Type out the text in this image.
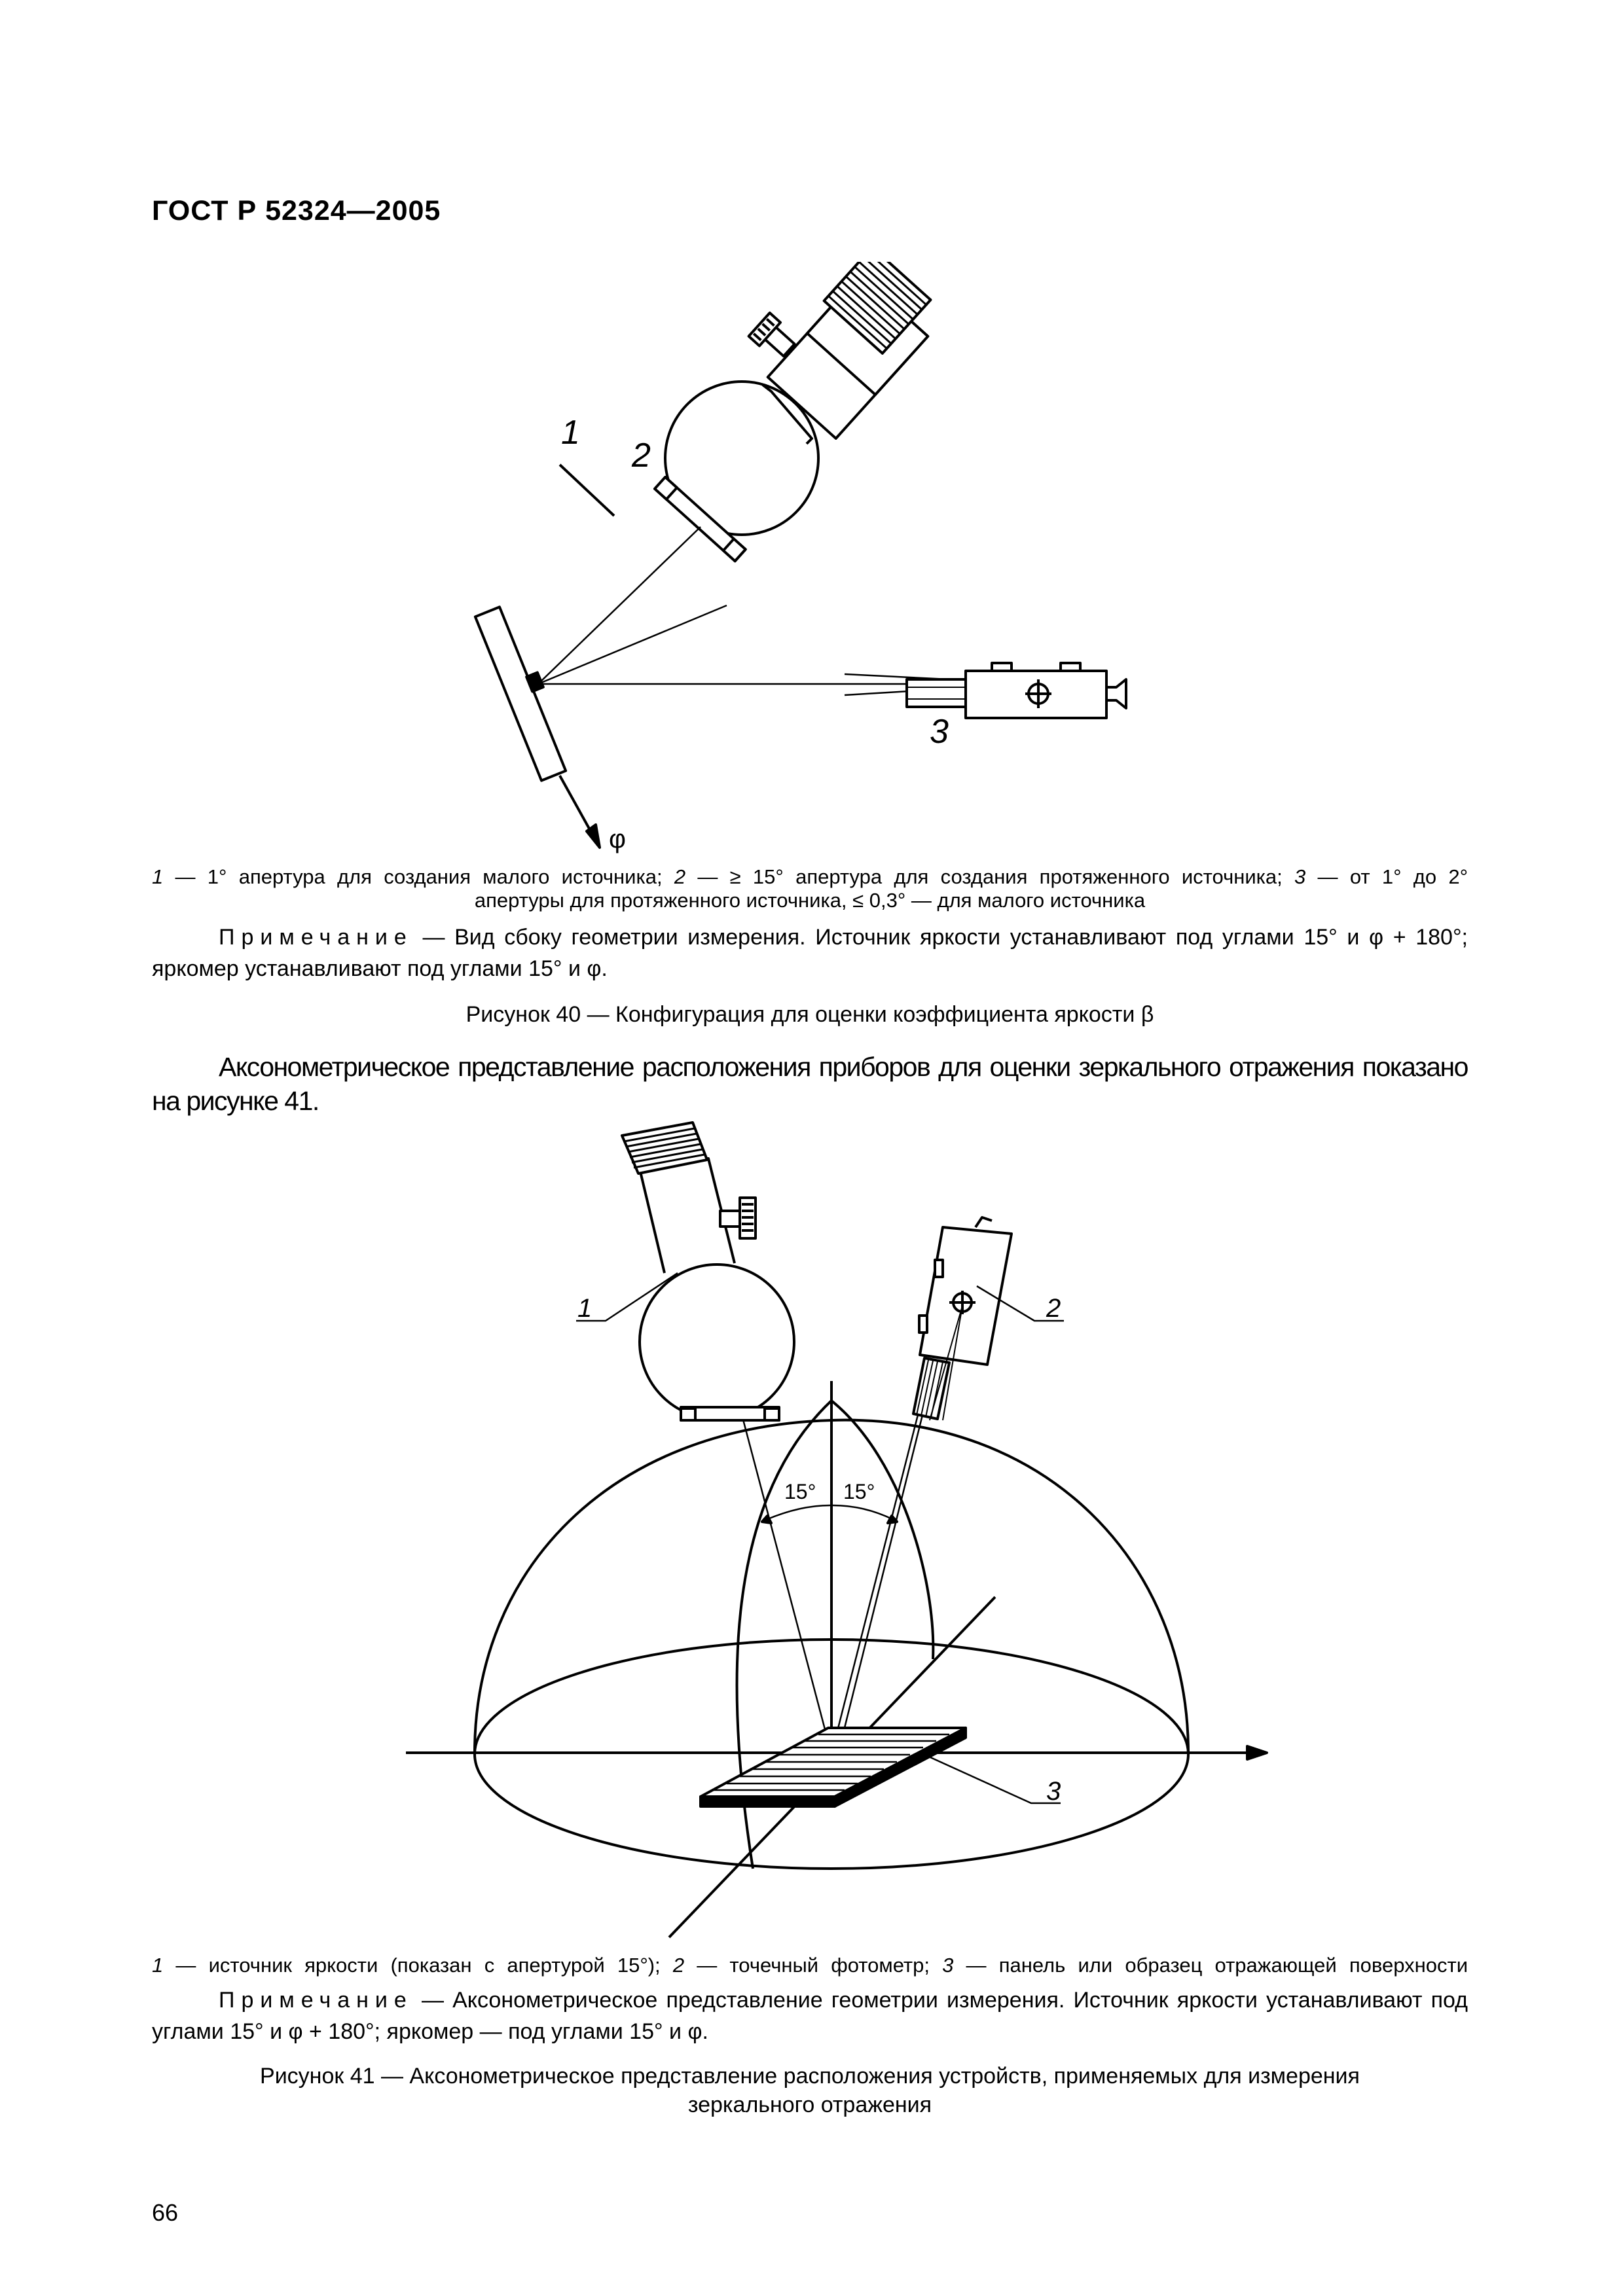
ГОСТ Р 52324—2005
1
2
3
φ
1 — 1° апертура для создания малого источника; 2 — ≥ 15° апертура для создания протяженного источника; 3 — от 1° до 2°
апертуры для протяженного источника, ≤ 0,3° — для малого источника
Примечание — Вид сбоку геометрии измерения. Источник яркости устанавливают под углами 15° и φ + 180°; яркомер устанавливают под углами 15° и φ.
Рисунок 40 — Конфигурация для оценки коэффициента яркости β
Аксонометрическое представление расположения приборов для оценки зеркального отражения показано на рисунке 41.
1	2
3
15° 15°
1 — источник яркости (показан с апертурой 15°); 2 — точечный фотометр; 3 — панель или образец отражающей поверхности
Примечание — Аксонометрическое представление геометрии измерения. Источник яркости устанавливают под углами 15° и φ + 180°; яркомер — под углами 15° и φ.
Рисунок 41 — Аксонометрическое представление расположения устройств, применяемых для измерения
зеркального отражения
66
